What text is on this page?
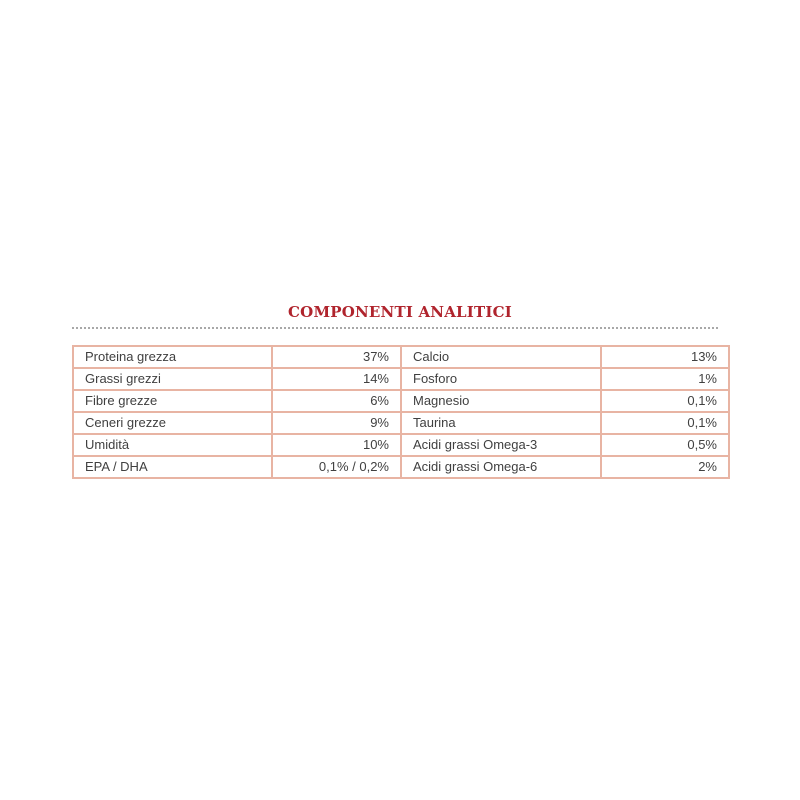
COMPONENTI ANALITICI
Proteina grezza	37%	Calcio	13%
Grassi grezzi	14%	Fosforo	1%
Fibre grezze	6%	Magnesio	0,1%
Ceneri grezze	9%	Taurina	0,1%
Umidità	10%	Acidi grassi Omega-3	0,5%
EPA / DHA	0,1% / 0,2%	Acidi grassi Omega-6	2%
